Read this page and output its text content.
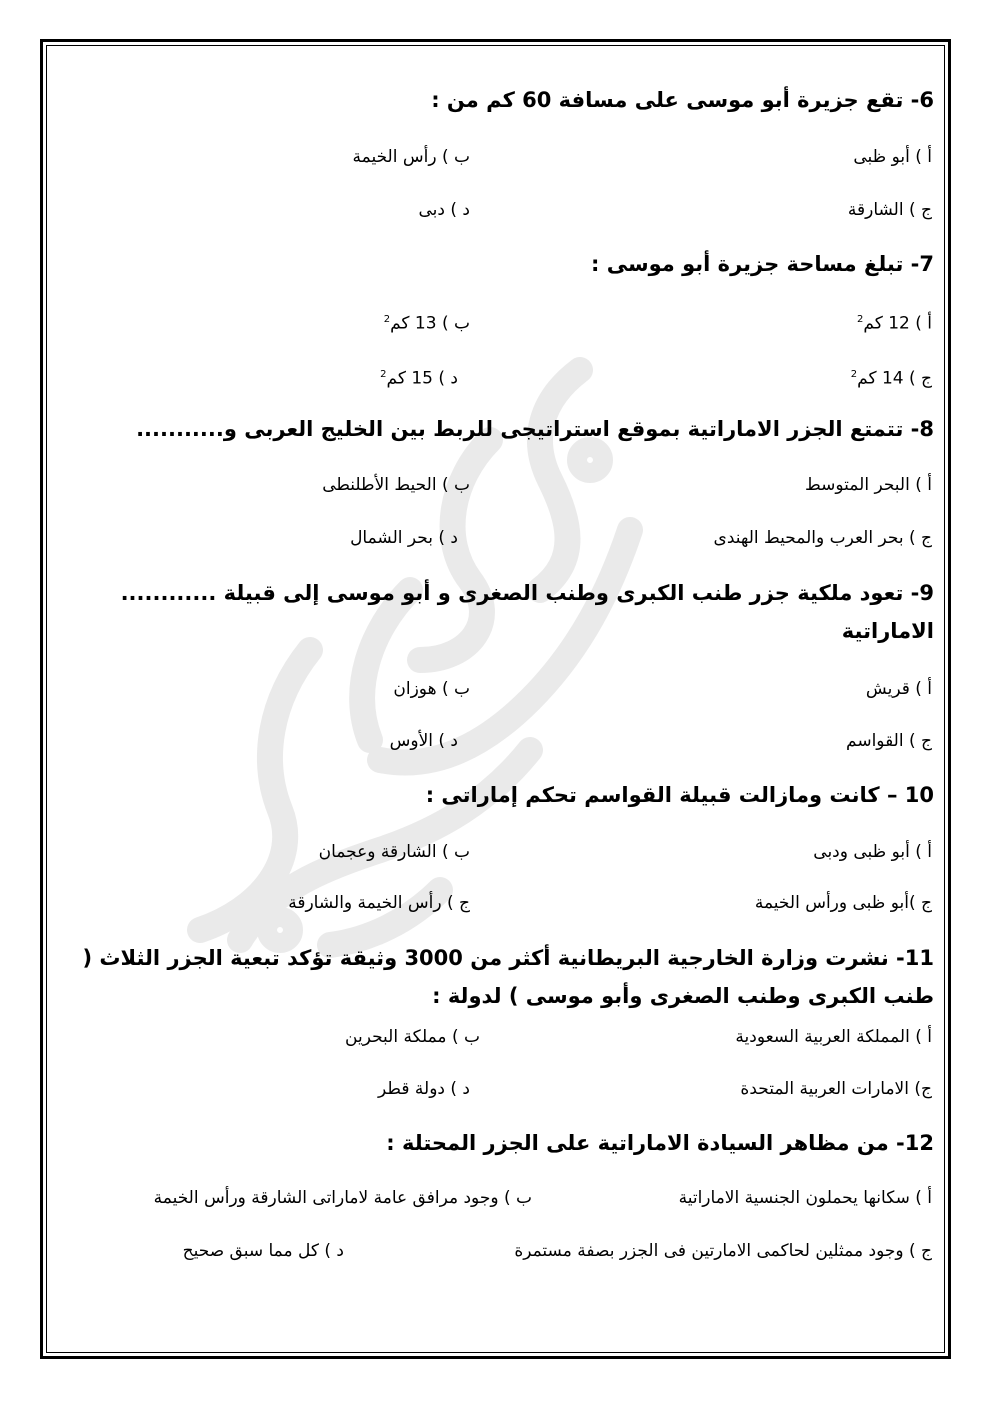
6- تقع جزيرة أبو موسى على مسافة 60 كم من :
أ ) أبو ظبى
ب ) رأس الخيمة
ج ) الشارقة
د ) دبى
7- تبلغ مساحة جزيرة أبو موسى :
أ ) 12 كم$^2$
ب ) 13 كم$^2$
ج ) 14 كم$^2$
د ) 15 كم$^2$
8- تتمتع الجزر الاماراتية بموقع استراتيجى للربط بين الخليج العربى و...........
أ ) البحر المتوسط
ب ) الحيط الأطلنطى
ج ) بحر العرب والمحيط الهندى
د ) بحر الشمال
9- تعود ملكية جزر طنب الكبرى وطنب الصغرى و أبو موسى إلى قبيلة ............ الاماراتية
أ ) قريش
ب ) هوزان
ج ) القواسم
د ) الأوس
10 – كانت ومازالت قبيلة القواسم تحكم إماراتى :
أ ) أبو ظبى ودبى
ب ) الشارقة وعجمان
ج )أبو ظبى ورأس الخيمة
ج ) رأس الخيمة والشارقة
11- نشرت وزارة الخارجية البريطانية أكثر من 3000 وثيقة تؤكد تبعية الجزر الثلاث ( طنب الكبرى وطنب الصغرى وأبو موسى ) لدولة :
أ ) المملكة العربية السعودية
ب ) مملكة البحرين
ج) الامارات العربية المتحدة
د ) دولة قطر
12- من مظاهر السيادة الاماراتية على الجزر المحتلة :
أ ) سكانها يحملون الجنسية الاماراتية
ب ) وجود مرافق عامة لاماراتى الشارقة ورأس الخيمة
ج ) وجود ممثلين لحاكمى الامارتين فى الجزر بصفة مستمرة
د ) كل مما سبق صحيح
